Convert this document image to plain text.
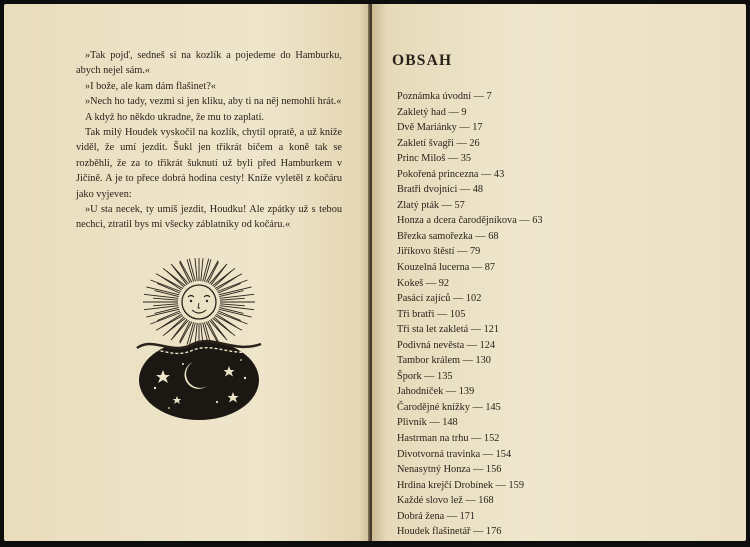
»Tak pojď, sedneš si na kozlík a pojedeme do Hamburku, abych nejel sám.«

»I bože, ale kam dám flašinet?«

»Nech ho tady, vezmi si jen kliku, aby ti na něj nemohli hrát.«

A když ho někdo ukradne, že mu to zaplatí.

Tak milý Houdek vyskočil na kozlík, chytil opratě, a už kníže viděl, že umí jezdit. Šukl jen třikrát bičem a koně tak se rozběhli, že za to třikrát šuknutí už byli před Hamburkem v Jičíně. A je to přece dobrá hodina cesty! Kníže vyletěl z kočáru jako vyjeven:

»U sta necek, ty umíš jezdit, Houdku! Ale zpátky už s tebou nechci, ztratil bys mi všecky záblatníky od kočáru.«

OBSAH
Poznámka úvodní — 7
Zakletý had — 9
Dvě Mariánky — 17
Zakletí švagři — 26
Princ Miloš — 35
Pokořená princezna — 43
Bratři dvojníci — 48
Zlatý pták — 57
Honza a dcera čarodějníkova — 63
Březka samořezka — 68
Jiříkovo štěstí — 79
Kouzelná lucerna — 87
Kokeš — 92
Pasácí zajíců — 102
Tři bratři — 105
Tři sta let zakletá — 121
Podivná nevěsta — 124
Tambor králem — 130
Špork — 135
Jahodníček — 139
Čarodějné knížky — 145
Plivník — 148
Hastrman na trhu — 152
Divotvorná travinka — 154
Nenasytný Honza — 156
Hrdina krejčí Drobínek — 159
Každé slovo lež — 168
Dobrá žena — 171
Houdek flašinetář — 176
